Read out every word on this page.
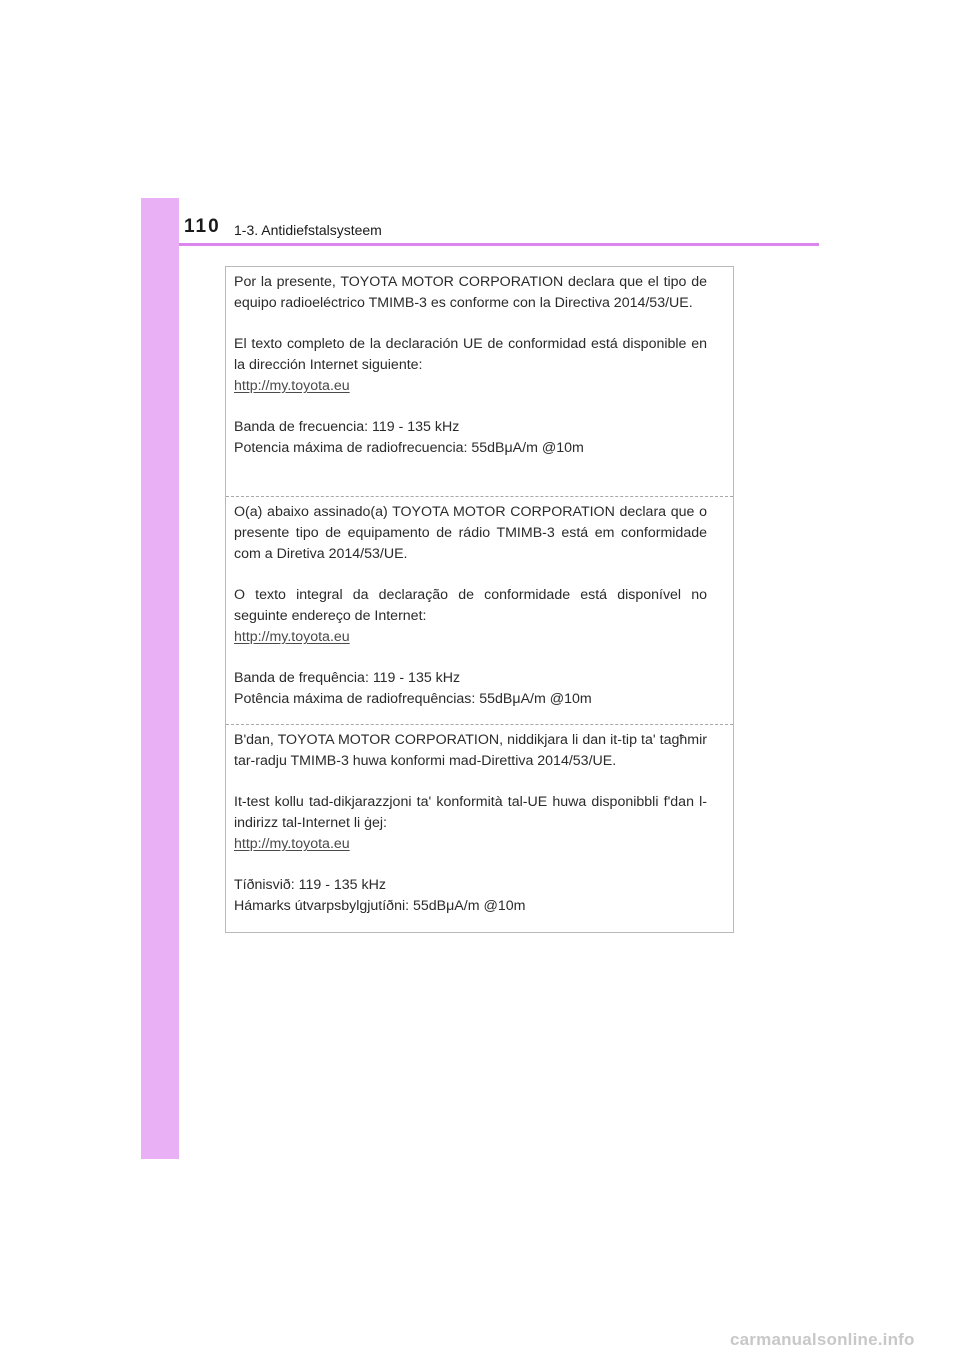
110 1-3. Antidiefstalsysteem

Por la presente, TOYOTA MOTOR CORPORATION declara que el tipo de equipo radioeléctrico TMIMB-3 es conforme con la Directiva 2014/53/UE.

El texto completo de la declaración UE de conformidad está disponible en la dirección Internet siguiente:
http://my.toyota.eu

Banda de frecuencia: 119 - 135 kHz
Potencia máxima de radiofrecuencia: 55dBμA/m @10m

O(a) abaixo assinado(a) TOYOTA MOTOR CORPORATION declara que o presente tipo de equipamento de rádio TMIMB-3 está em conformidade com a Diretiva 2014/53/UE.

O texto integral da declaração de conformidade está disponível no seguinte endereço de Internet:
http://my.toyota.eu

Banda de frequência: 119 - 135 kHz
Potência máxima de radiofrequências: 55dBμA/m @10m

B'dan, TOYOTA MOTOR CORPORATION, niddikjara li dan it-tip ta' tagħmir tar-radju TMIMB-3 huwa konformi mad-Direttiva 2014/53/UE.

It-test kollu tad-dikjarazzjoni ta' konformità tal-UE huwa disponibbli f'dan l-indirizz tal-Internet li ġej:
http://my.toyota.eu

Tíðnisvið: 119 - 135 kHz
Hámarks útvarpsbylgjutíðni: 55dBμA/m @10m

carmanualsonline.info
